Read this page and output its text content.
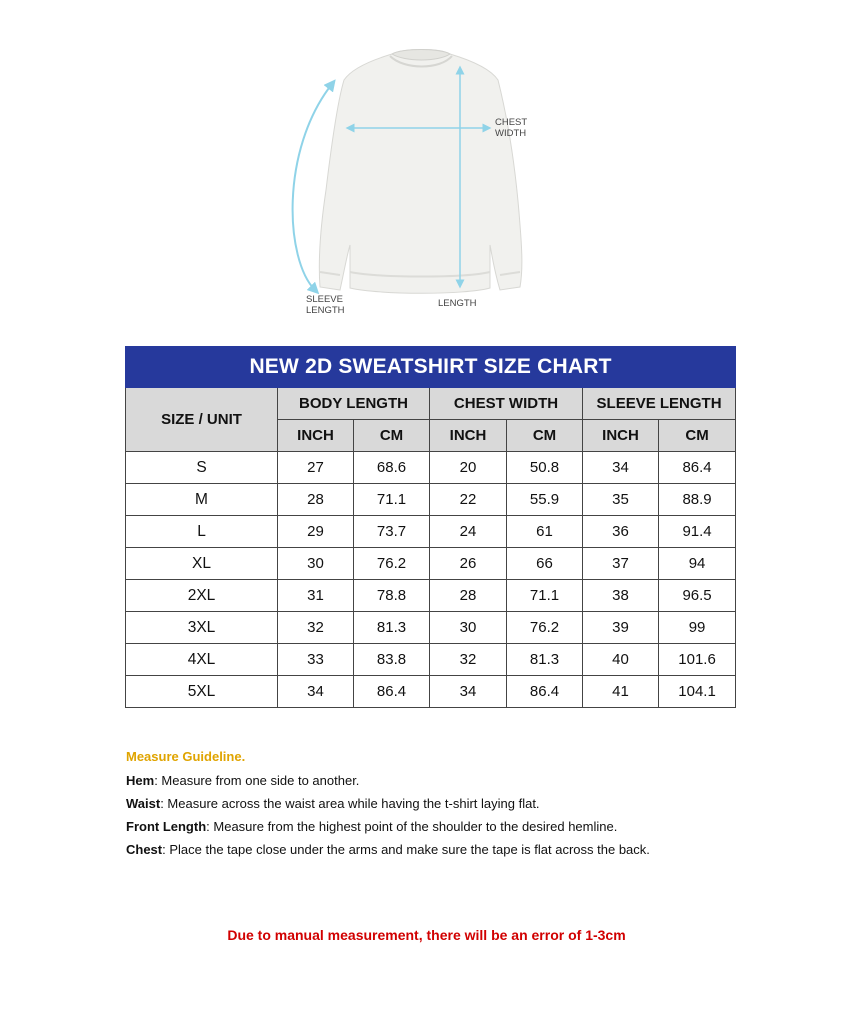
CHEST
WIDTH
SLEEVE
LENGTH
LENGTH
NEW 2D SWEATSHIRT SIZE CHART						
SIZE / UNIT	BODY LENGTH		CHEST WIDTH		SLEEVE LENGTH	
	INCH	CM	INCH	CM	INCH	CM
S	27	68.6	20	50.8	34	86.4
M	28	71.1	22	55.9	35	88.9
L	29	73.7	24	61	36	91.4
XL	30	76.2	26	66	37	94
2XL	31	78.8	28	71.1	38	96.5
3XL	32	81.3	30	76.2	39	99
4XL	33	83.8	32	81.3	40	101.6
5XL	34	86.4	34	86.4	41	104.1
Measure Guideline.
Hem: Measure from one side to another.
Waist: Measure across the waist area while having the t-shirt laying flat.
Front Length: Measure from the highest point of the shoulder to the desired hemline.
Chest: Place the tape close under the arms and make sure the tape is flat across the back.
Due to manual measurement, there will be an error of 1-3cm
